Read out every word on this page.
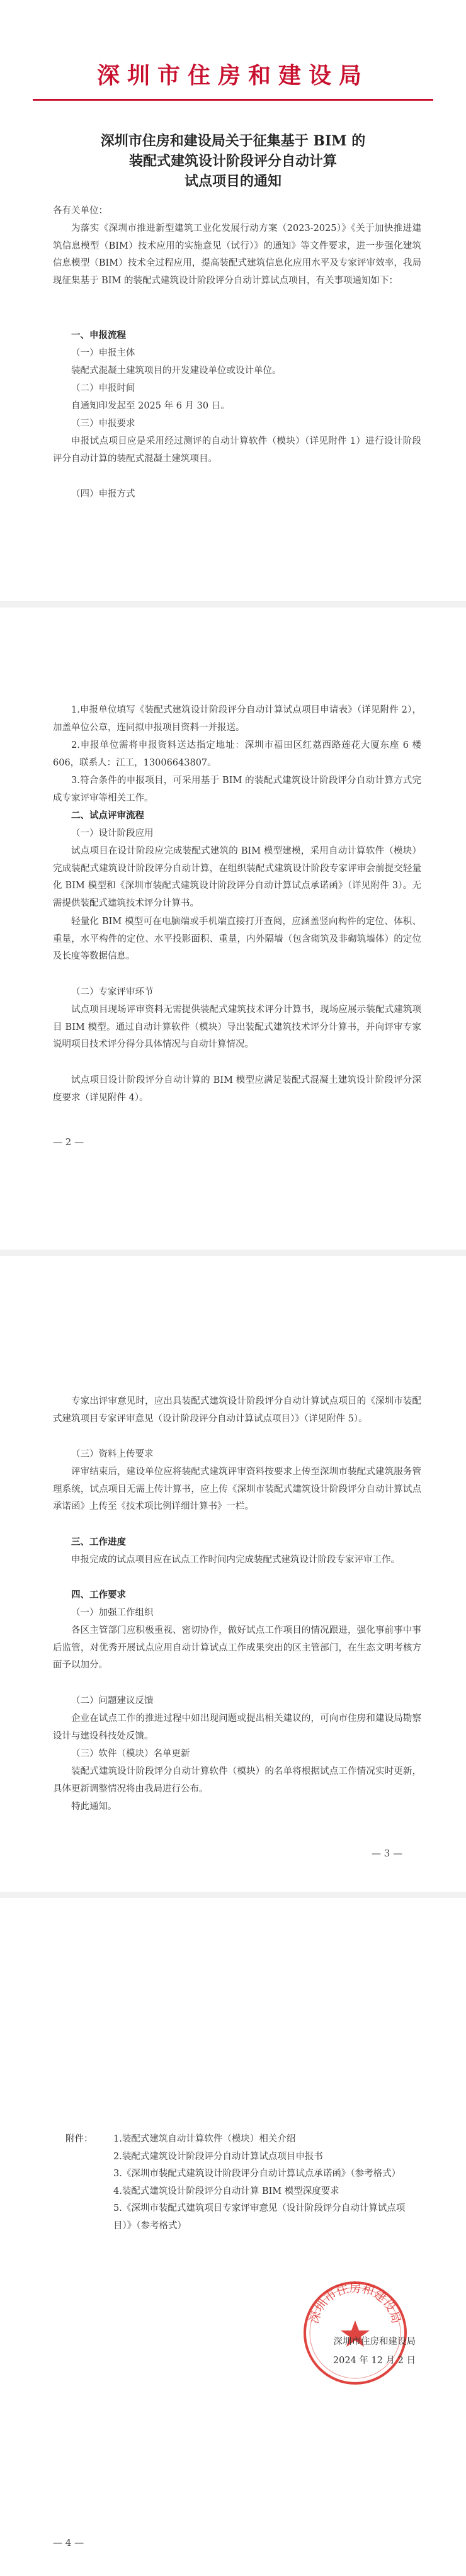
深圳市住房和建设局
深圳市住房和建设局关于征集基于 BIM 的
装配式建筑设计阶段评分自动计算
试点项目的通知

各有关单位：

为落实《深圳市推进新型建筑工业化发展行动方案（2023-2025）》《关于加快推进建筑信息模型（BIM）技术应用的实施意见（试行）》的通知》等文件要求，进一步强化建筑信息模型（BIM）技术全过程应用，提高装配式建筑信息化应用水平及专家评审效率，我局现征集基于 BIM 的装配式建筑设计阶段评分自动计算试点项目，有关事项通知如下：

一、申报流程

（一）申报主体

装配式混凝土建筑项目的开发建设单位或设计单位。

（二）申报时间

自通知印发起至 2025 年 6 月 30 日。

（三）申报要求

申报试点项目应是采用经过测评的自动计算软件（模块）（详见附件 1）进行设计阶段评分自动计算的装配式混凝土建筑项目。

（四）申报方式

1.申报单位填写《装配式建筑设计阶段评分自动计算试点项目申请表》（详见附件 2），加盖单位公章，连同拟申报项目资料一并报送。

2.申报单位需将申报资料送达指定地址：深圳市福田区红荔西路莲花大厦东座 6 楼 606，联系人：江工，13006643807。

3.符合条件的申报项目，可采用基于 BIM 的装配式建筑设计阶段评分自动计算方式完成专家评审等相关工作。

二、试点评审流程

（一）设计阶段应用

试点项目在设计阶段应完成装配式建筑的 BIM 模型建模，采用自动计算软件（模块）完成装配式建筑设计阶段评分自动计算，在组织装配式建筑设计阶段专家评审会前提交轻量化 BIM 模型和《深圳市装配式建筑设计阶段评分自动计算试点承诺函》（详见附件 3）。无需提供装配式建筑技术评分计算书。

轻量化 BIM 模型可在电脑端或手机端直接打开查阅，应涵盖竖向构件的定位、体积、重量，水平构件的定位、水平投影面积、重量，内外隔墙（包含砌筑及非砌筑墙体）的定位及长度等数据信息。

（二）专家评审环节

试点项目现场评审资料无需提供装配式建筑技术评分计算书，现场应展示装配式建筑项目 BIM 模型。通过自动计算软件（模块）导出装配式建筑技术评分计算书，并向评审专家说明项目技术评分得分具体情况与自动计算情况。

试点项目设计阶段评分自动计算的 BIM 模型应满足装配式混凝土建筑设计阶段评分深度要求（详见附件 4）。

— 2 —

专家出评审意见时，应出具装配式建筑设计阶段评分自动计算试点项目的《深圳市装配式建筑项目专家评审意见（设计阶段评分自动计算试点项目）》（详见附件 5）。

（三）资料上传要求

评审结束后，建设单位应将装配式建筑评审资料按要求上传至深圳市装配式建筑服务管理系统，试点项目无需上传计算书，应上传《深圳市装配式建筑设计阶段评分自动计算试点承诺函》上传至《技术项比例详细计算书》一栏。

三、工作进度

申报完成的试点项目应在试点工作时间内完成装配式建筑设计阶段专家评审工作。

四、工作要求

（一）加强工作组织

各区主管部门应积极重视、密切协作，做好试点工作项目的情况跟进，强化事前事中事后监管，对优秀开展试点应用自动计算试点工作成果突出的区主管部门，在生态文明考核方面予以加分。

（二）问题建议反馈

企业在试点工作的推进过程中如出现问题或提出相关建议的，可向市住房和建设局勘察设计与建设科技处反馈。

（三）软件（模块）名单更新

装配式建筑设计阶段评分自动计算软件（模块）的名单将根据试点工作情况实时更新，具体更新调整情况将由我局进行公布。

特此通知。

— 3 —
附件：	1.装配式建筑自动计算软件（模块）相关介绍
2.装配式建筑设计阶段评分自动计算试点项目申报书
3.《深圳市装配式建筑设计阶段评分自动计算试点承诺函》（参考格式）
4.装配式建筑设计阶段评分自动计算 BIM 模型深度要求
5.《深圳市装配式建筑项目专家评审意见（设计阶段评分自动计算试点项目）》（参考格式）
深圳市住房和建设局
深圳市住房和建设局
2024 年 12 月 2 日
— 4 —
